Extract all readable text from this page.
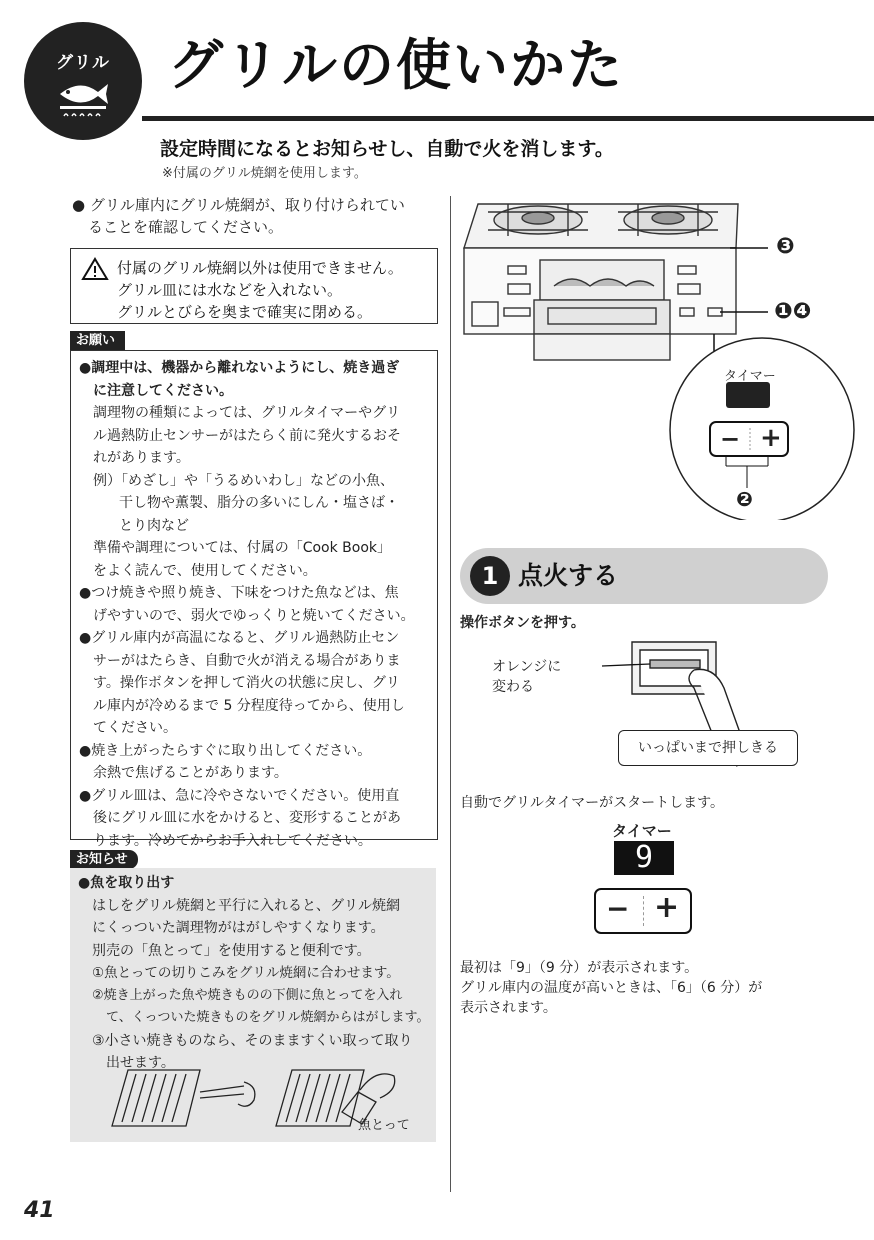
グリル	グリルの使いかた
設定時間になるとお知らせし、自動で火を消します。
※付属のグリル焼網を使用します。
● グリル庫内にグリル焼網が、取り付けられてい
ることを確認してください。
付属のグリル焼網以外は使用できません。
グリル皿には水などを入れない。
グリルとびらを奥まで確実に閉める。
お願い

●調理中は、機器から離れないようにし、焼き過ぎ

に注意してください。

調理物の種類によっては、グリルタイマーやグリ

ル過熱防止センサーがはたらく前に発火するおそ

れがあります。

例）「めざし」や「うるめいわし」などの小魚、

干し物や薫製、脂分の多いにしん・塩さば・

とり肉など

準備や調理については、付属の「Cook Book」

をよく読んで、使用してください。

●つけ焼きや照り焼き、下味をつけた魚などは、焦

げやすいので、弱火でゆっくりと焼いてください。

●グリル庫内が高温になると、グリル過熱防止セン

サーがはたらき、自動で火が消える場合がありま

す。操作ボタンを押して消火の状態に戻し、グリ

ル庫内が冷めるまで 5 分程度待ってから、使用し

てください。

●焼き上がったらすぐに取り出してください。

余熱で焦げることがあります。

●グリル皿は、急に冷やさないでください。使用直

後にグリル皿に水をかけると、変形することがあ

ります。冷めてからお手入れしてください。

お知らせ

●魚を取り出す

はしをグリル焼網と平行に入れると、グリル焼網

にくっついた調理物がはがしやすくなります。

別売の「魚とって」を使用すると便利です。

①魚とっての切りこみをグリル焼網に合わせます。

②焼き上がった魚や焼きものの下側に魚とってを入れ

て、くっついた焼きものをグリル焼網からはがします。

③小さい焼きものなら、そのまますくい取って取り

出せます。

魚とって
❸
❶❹
タイマー
− +
❷
1 点火する
操作ボタンを押す。
オレンジに
変わる
いっぱいまで押しきる
自動でグリルタイマーがスタートします。
タイマー
9
− +
最初は「9」（9 分）が表示されます。
グリル庫内の温度が高いときは、「6」（6 分）が
表示されます。
41
